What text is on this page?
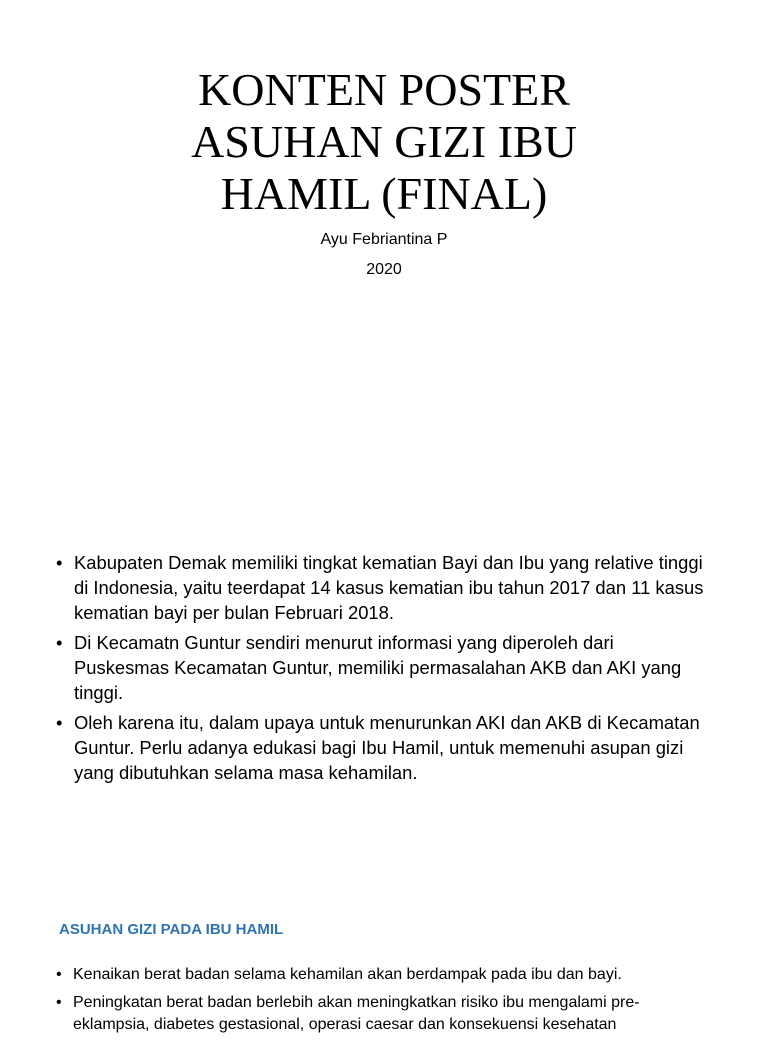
KONTEN POSTER
ASUHAN GIZI IBU
HAMIL (FINAL)
Ayu Febriantina P
2020
• Kabupaten Demak memiliki tingkat kematian Bayi dan Ibu yang relative tinggi di Indonesia, yaitu teerdapat 14 kasus kematian ibu tahun 2017 dan 11 kasus kematian bayi per bulan Februari 2018.
• Di Kecamatn Guntur sendiri menurut informasi yang diperoleh dari Puskesmas Kecamatan Guntur, memiliki permasalahan AKB dan AKI yang tinggi.
• Oleh karena itu, dalam upaya untuk menurunkan AKI dan AKB di Kecamatan Guntur. Perlu adanya edukasi bagi Ibu Hamil, untuk memenuhi asupan gizi yang dibutuhkan selama masa kehamilan.
ASUHAN GIZI PADA IBU HAMIL
• Kenaikan berat badan selama kehamilan akan berdampak pada ibu dan bayi.
• Peningkatan berat badan berlebih akan meningkatkan risiko ibu mengalami pre-eklampsia, diabetes gestasional, operasi caesar dan konsekuensi kesehatan
